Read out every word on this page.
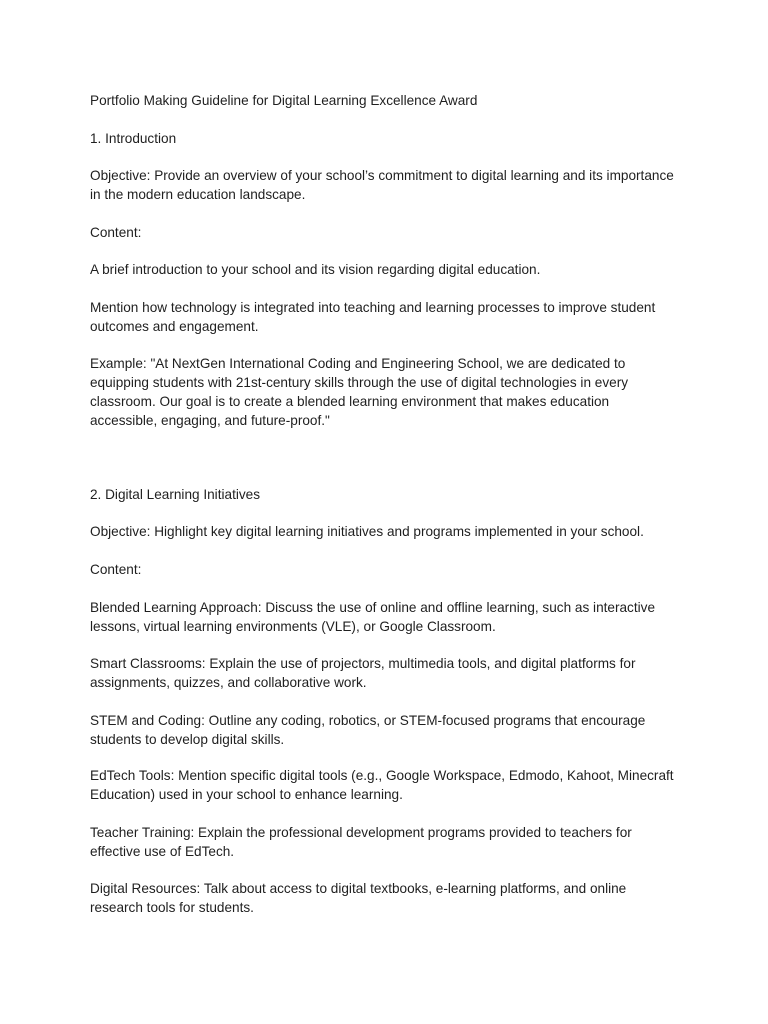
Portfolio Making Guideline for Digital Learning Excellence Award

1. Introduction

Objective: Provide an overview of your school’s commitment to digital learning and its importance in the modern education landscape.

Content:

A brief introduction to your school and its vision regarding digital education.

Mention how technology is integrated into teaching and learning processes to improve student outcomes and engagement.

Example: "At NextGen International Coding and Engineering School, we are dedicated to equipping students with 21st-century skills through the use of digital technologies in every classroom. Our goal is to create a blended learning environment that makes education accessible, engaging, and future-proof."

2. Digital Learning Initiatives

Objective: Highlight key digital learning initiatives and programs implemented in your school.

Content:

Blended Learning Approach: Discuss the use of online and offline learning, such as interactive lessons, virtual learning environments (VLE), or Google Classroom.

Smart Classrooms: Explain the use of projectors, multimedia tools, and digital platforms for assignments, quizzes, and collaborative work.

STEM and Coding: Outline any coding, robotics, or STEM-focused programs that encourage students to develop digital skills.

EdTech Tools: Mention specific digital tools (e.g., Google Workspace, Edmodo, Kahoot, Minecraft Education) used in your school to enhance learning.

Teacher Training: Explain the professional development programs provided to teachers for effective use of EdTech.

Digital Resources: Talk about access to digital textbooks, e-learning platforms, and online research tools for students.
